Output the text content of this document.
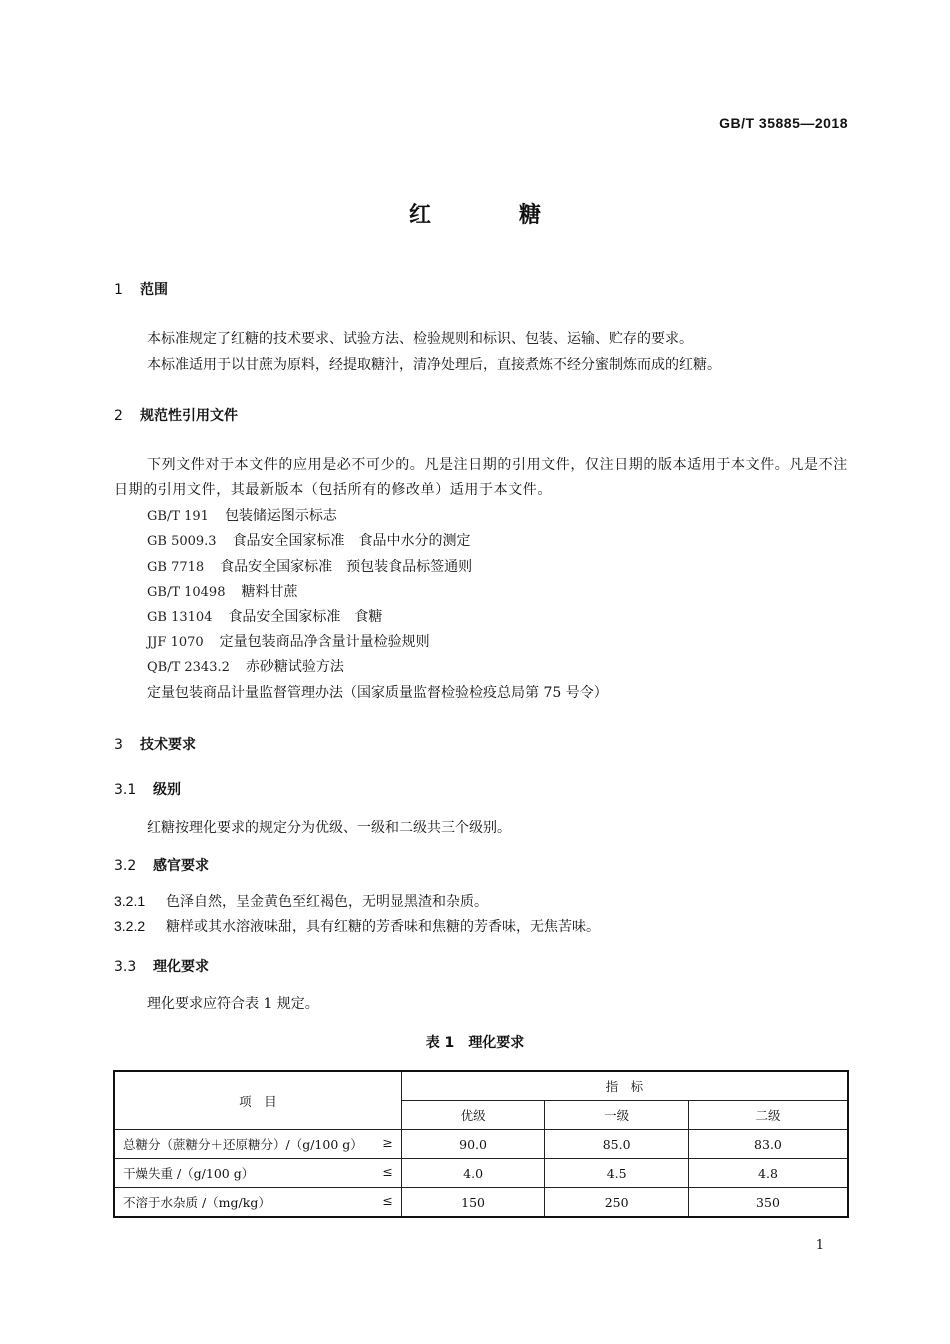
GB/T 35885—2018
红　　　　糖
1 范围
本标准规定了红糖的技术要求、试验方法、检验规则和标识、包装、运输、贮存的要求。
本标准适用于以甘蔗为原料，经提取糖汁，清净处理后，直接煮炼不经分蜜制炼而成的红糖。
2 规范性引用文件
下列文件对于本文件的应用是必不可少的。凡是注日期的引用文件，仅注日期的版本适用于本文件。凡是不注日期的引用文件，其最新版本（包括所有的修改单）适用于本文件。
GB/T 191 包装储运图示标志
GB 5009.3 食品安全国家标准　食品中水分的测定
GB 7718 食品安全国家标准　预包装食品标签通则
GB/T 10498 糖料甘蔗
GB 13104 食品安全国家标准　食糖
JJF 1070 定量包装商品净含量计量检验规则
QB/T 2343.2 赤砂糖试验方法
定量包装商品计量监督管理办法（国家质量监督检验检疫总局第 75 号令）
3 技术要求
3.1 级别
红糖按理化要求的规定分为优级、一级和二级共三个级别。
3.2 感官要求
3.2.1 色泽自然，呈金黄色至红褐色，无明显黑渣和杂质。
3.2.2 糖样或其水溶液味甜，具有红糖的芳香味和焦糖的芳香味，无焦苦味。
3.3 理化要求
理化要求应符合表 1 规定。
表 1 理化要求
项　目	指　标		
	优级	一级	二级

总糖分（蔗糖分＋还原糖分）/（g/100 g） ≥	90.0	85.0	83.0

干燥失重 /（g/100 g） ≤	4.0	4.5	4.8

不溶于水杂质 /（mg/kg） ≤	150	250	350
1
